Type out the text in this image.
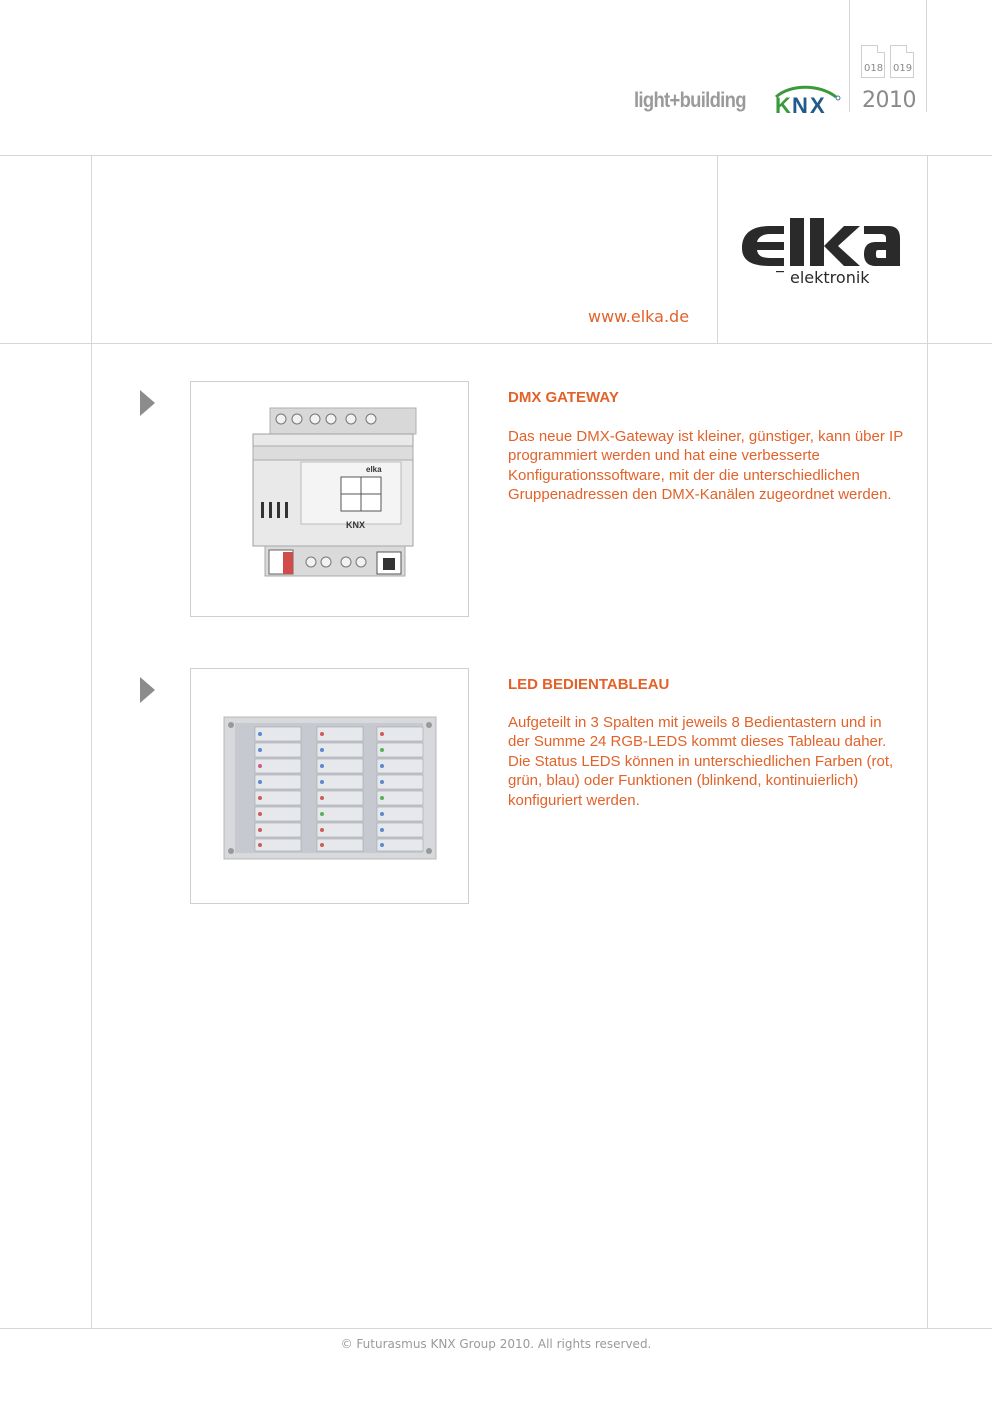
018 019
light+building K N X 2010
elektronik
www.elka.de
elka
KNX
DMX GATEWAY
Das neue DMX-Gateway ist kleiner, günstiger, kann über IP programmiert werden und hat eine verbesserte Konfigurationssoftware, mit der die unterschiedlichen Gruppenadressen den DMX-Kanälen zugeordnet werden.
LED BEDIENTABLEAU
Aufgeteilt in 3 Spalten mit jeweils 8 Bedientastern und in der Summe 24 RGB-LEDS kommt dieses Tableau daher. Die Status LEDS können in unterschiedlichen Farben (rot, grün, blau) oder Funktionen (blinkend, kontinuierlich) konfiguriert werden.
© Futurasmus KNX Group 2010. All rights reserved.
